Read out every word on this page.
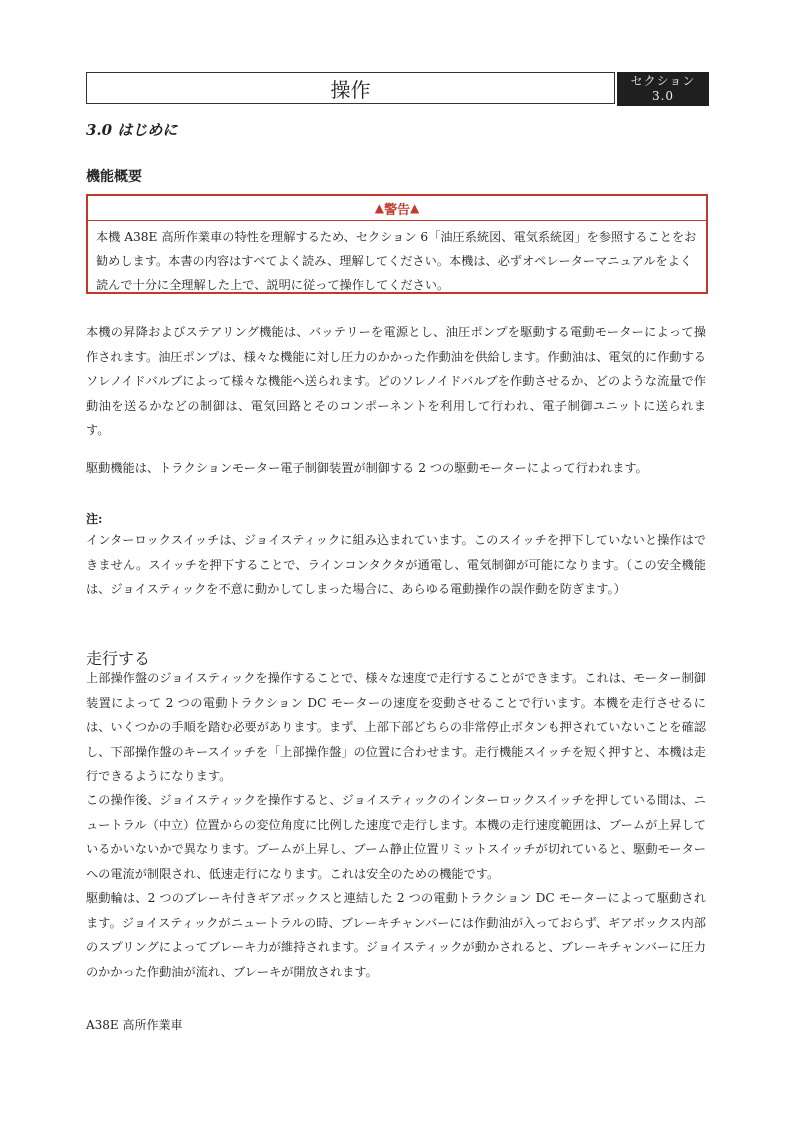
操作	セクション
3.0
3.0 はじめに
機能概要
▲ 警告 ▲
本機 A38E 高所作業車の特性を理解するため、セクション 6「油圧系統図、電気系統図」を参照することをお勧めします。本書の内容はすべてよく読み、理解してください。本機は、必ずオペレーターマニュアルをよく読んで十分に全理解した上で、説明に従って操作してください。

本機の昇降およびステアリング機能は、バッテリーを電源とし、油圧ポンプを駆動する電動モーターによって操作されます。油圧ポンプは、様々な機能に対し圧力のかかった作動油を供給します。作動油は、電気的に作動するソレノイドバルブによって様々な機能へ送られます。どのソレノイドバルブを作動させるか、どのような流量で作動油を送るかなどの制御は、電気回路とそのコンポーネントを利用して行われ、電子制御ユニットに送られます。

駆動機能は、トラクションモーター電子制御装置が制御する 2 つの駆動モーターによって行われます。

注:

インターロックスイッチは、ジョイスティックに組み込まれています。このスイッチを押下していないと操作はできません。スイッチを押下することで、ラインコンタクタが通電し、電気制御が可能になります。（この安全機能は、ジョイスティックを不意に動かしてしまった場合に、あらゆる電動操作の誤作動を防ぎます。）

走行する

上部操作盤のジョイスティックを操作することで、様々な速度で走行することができます。これは、モーター制御装置によって 2 つの電動トラクション DC モーターの速度を変動させることで行います。本機を走行させるには、いくつかの手順を踏む必要があります。まず、上部下部どちらの非常停止ボタンも押されていないことを確認し、下部操作盤のキースイッチを「上部操作盤」の位置に合わせます。走行機能スイッチを短く押すと、本機は走行できるようになります。

この操作後、ジョイスティックを操作すると、ジョイスティックのインターロックスイッチを押している間は、ニュートラル（中立）位置からの変位角度に比例した速度で走行します。本機の走行速度範囲は、ブームが上昇しているかいないかで異なります。ブームが上昇し、ブーム静止位置リミットスイッチが切れていると、駆動モーターへの電流が制限され、低速走行になります。これは安全のための機能です。

駆動輪は、2 つのブレーキ付きギアボックスと連結した 2 つの電動トラクション DC モーターによって駆動されます。ジョイスティックがニュートラルの時、ブレーキチャンバーには作動油が入っておらず、ギアボックス内部のスプリングによってブレーキ力が維持されます。ジョイスティックが動かされると、ブレーキチャンバーに圧力のかかった作動油が流れ、ブレーキが開放されます。

A38E 高所作業車
